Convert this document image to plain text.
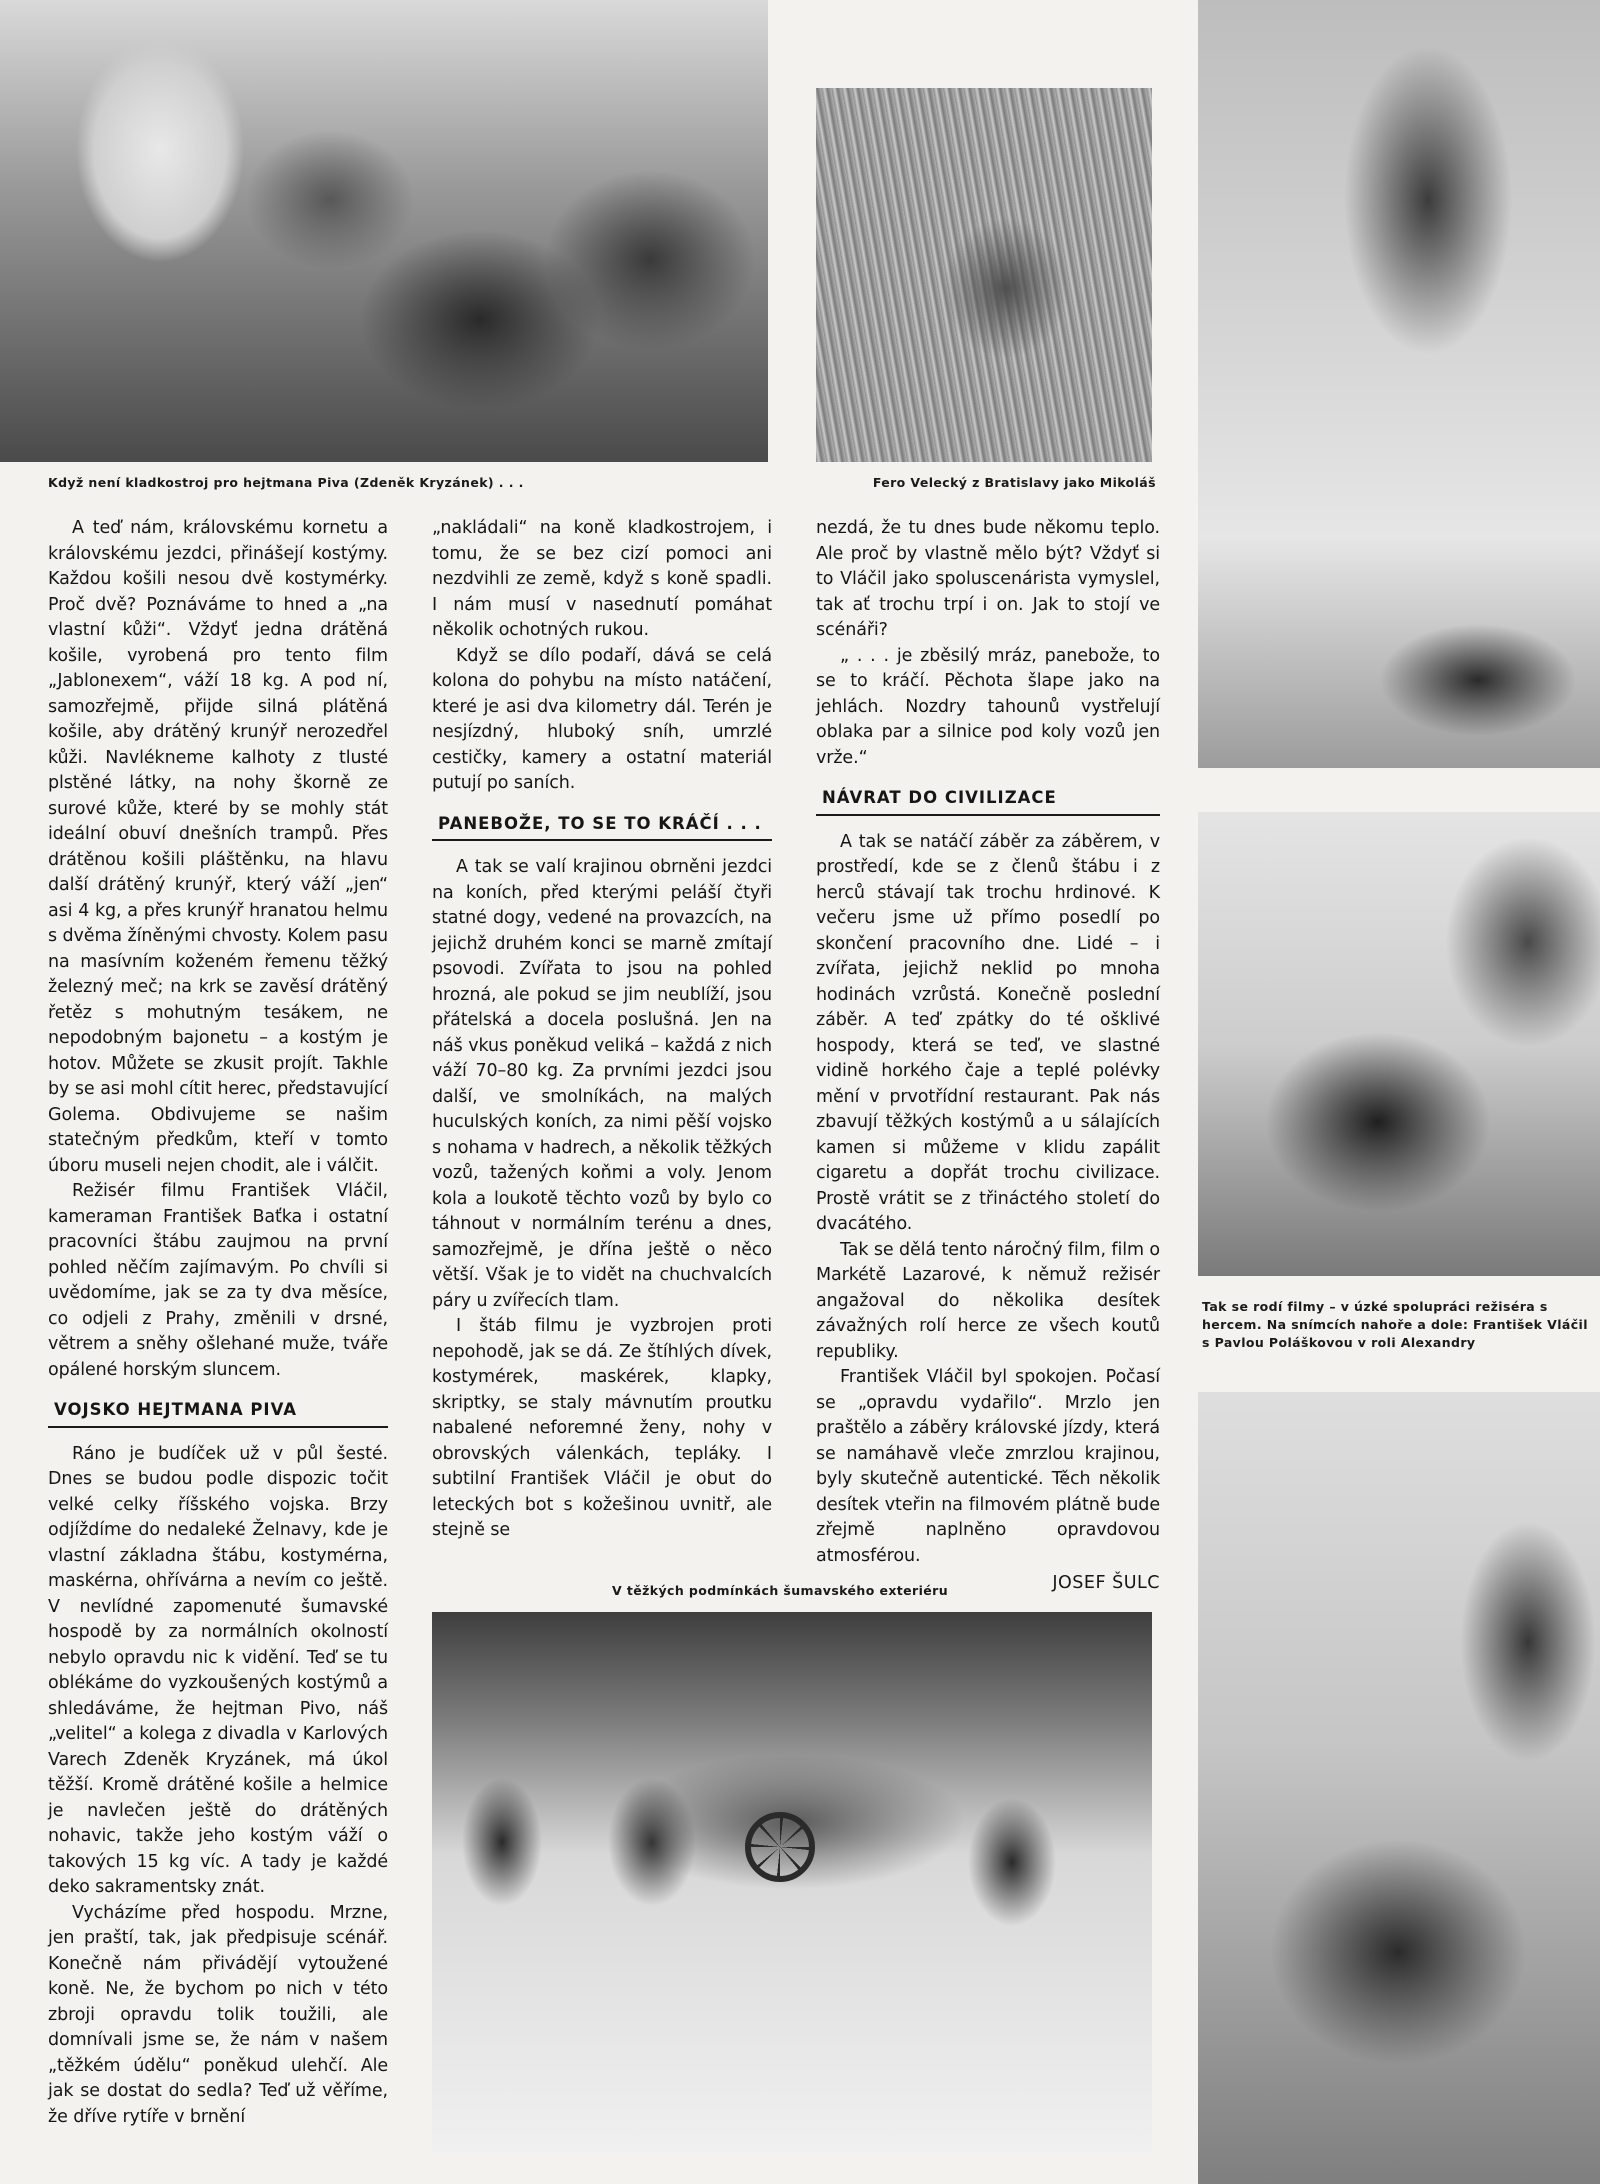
Když není kladkostroj pro hejtmana Piva (Zdeněk Kryzánek) . . .	Fero Velecký z Bratislavy jako Mikoláš
Tak se rodí filmy – v úzké spolupráci režiséra s hercem. Na snímcích nahoře a dole: František Vláčil s Pavlou Poláškovou v roli Alexandry
V těžkých podmínkách šumavského exteriéru

A teď nám, královskému kornetu a královskému jezdci, přinášejí kostýmy. Každou košili nesou dvě kostymérky. Proč dvě? Poznáváme to hned a „na vlastní kůži“. Vždyť jedna drátěná košile, vyrobená pro tento film „Jablonexem“, váží 18 kg. A pod ní, samozřejmě, přijde silná plátěná košile, aby drátěný krunýř nerozedřel kůži. Navlékneme kalhoty z tlusté plstěné látky, na nohy škorně ze surové kůže, které by se mohly stát ideální obuví dnešních trampů. Přes drátěnou košili pláštěnku, na hlavu další drátěný krunýř, který váží „jen“ asi 4 kg, a přes krunýř hranatou helmu s dvěma žíněnými chvosty. Kolem pasu na masívním koženém řemenu těžký železný meč; na krk se zavěsí drátěný řetěz s mohutným tesákem, ne nepodobným bajonetu – a kostým je hotov. Můžete se zkusit projít. Takhle by se asi mohl cítit herec, představující Golema. Obdivujeme se našim statečným předkům, kteří v tomto úboru museli nejen chodit, ale i válčit.

Režisér filmu František Vláčil, kameraman František Baťka i ostatní pracovníci štábu zaujmou na první pohled něčím zajímavým. Po chvíli si uvědomíme, jak se za ty dva měsíce, co odjeli z Prahy, změnili v drsné, větrem a sněhy ošlehané muže, tváře opálené horským sluncem.

VOJSKO HEJTMANA PIVA

Ráno je budíček už v půl šesté. Dnes se budou podle dispozic točit velké celky říšského vojska. Brzy odjíždíme do nedaleké Želnavy, kde je vlastní základna štábu, kostymérna, maskérna, ohřívárna a nevím co ještě. V nevlídné zapomenuté šumavské hospodě by za normálních okolností nebylo opravdu nic k vidění. Teď se tu oblékáme do vyzkoušených kostýmů a shledáváme, že hejtman Pivo, náš „velitel“ a kolega z divadla v Karlových Varech Zdeněk Kryzánek, má úkol těžší. Kromě drátěné košile a helmice je navlečen ještě do drátěných nohavic, takže jeho kostým váží o takových 15 kg víc. A tady je každé deko sakramentsky znát.

Vycházíme před hospodu. Mrzne, jen praští, tak, jak předpisuje scénář. Konečně nám přivádějí vytoužené koně. Ne, že bychom po nich v této zbroji opravdu tolik toužili, ale domnívali jsme se, že nám v našem „těžkém údělu“ poněkud ulehčí. Ale jak se dostat do sedla? Teď už věříme, že dříve rytíře v brnění

„nakládali“ na koně kladkostrojem, i tomu, že se bez cizí pomoci ani nezdvihli ze země, když s koně spadli. I nám musí v nasednutí pomáhat několik ochotných rukou.

Když se dílo podaří, dává se celá kolona do pohybu na místo natáčení, které je asi dva kilometry dál. Terén je nesjízdný, hluboký sníh, umrzlé cestičky, kamery a ostatní materiál putují po saních.

PANEBOŽE, TO SE TO KRÁČÍ . . .

A tak se valí krajinou obrněni jezdci na koních, před kterými peláší čtyři statné dogy, vedené na provazcích, na jejichž druhém konci se marně zmítají psovodi. Zvířata to jsou na pohled hrozná, ale pokud se jim neublíží, jsou přátelská a docela poslušná. Jen na náš vkus poněkud veliká – každá z nich váží 70–80 kg. Za prvními jezdci jsou další, ve smolníkách, na malých huculských koních, za nimi pěší vojsko s nohama v hadrech, a několik těžkých vozů, tažených koňmi a voly. Jenom kola a loukotě těchto vozů by bylo co táhnout v normálním terénu a dnes, samozřejmě, je dřína ještě o něco větší. Však je to vidět na chuchvalcích páry u zvířecích tlam.

I štáb filmu je vyzbrojen proti nepohodě, jak se dá. Ze štíhlých dívek, kostymérek, maskérek, klapky, skriptky, se staly mávnutím proutku nabalené neforemné ženy, nohy v obrovských válenkách, tepláky. I subtilní František Vláčil je obut do leteckých bot s kožešinou uvnitř, ale stejně se

nezdá, že tu dnes bude někomu teplo. Ale proč by vlastně mělo být? Vždyť si to Vláčil jako spoluscenárista vymyslel, tak ať trochu trpí i on. Jak to stojí ve scénáři?

„ . . . je zběsilý mráz, panebože, to se to kráčí. Pěchota šlape jako na jehlách. Nozdry tahounů vystřelují oblaka par a silnice pod koly vozů jen vrže.“

NÁVRAT DO CIVILIZACE

A tak se natáčí záběr za záběrem, v prostředí, kde se z členů štábu i z herců stávají tak trochu hrdinové. K večeru jsme už přímo posedlí po skončení pracovního dne. Lidé – i zvířata, jejichž neklid po mnoha hodinách vzrůstá. Konečně poslední záběr. A teď zpátky do té ošklivé hospody, která se teď, ve slastné vidině horkého čaje a teplé polévky mění v prvotřídní restaurant. Pak nás zbavují těžkých kostýmů a u sálajících kamen si můžeme v klidu zapálit cigaretu a dopřát trochu civilizace. Prostě vrátit se z třináctého století do dvacátého.

Tak se dělá tento náročný film, film o Markétě Lazarové, k němuž režisér angažoval do několika desítek závažných rolí herce ze všech koutů republiky.

František Vláčil byl spokojen. Počasí se „opravdu vydařilo“. Mrzlo jen praštělo a záběry královské jízdy, která se namáhavě vleče zmrzlou krajinou, byly skutečně autentické. Těch několik desítek vteřin na filmovém plátně bude zřejmě naplněno opravdovou atmosférou.

JOSEF ŠULC
